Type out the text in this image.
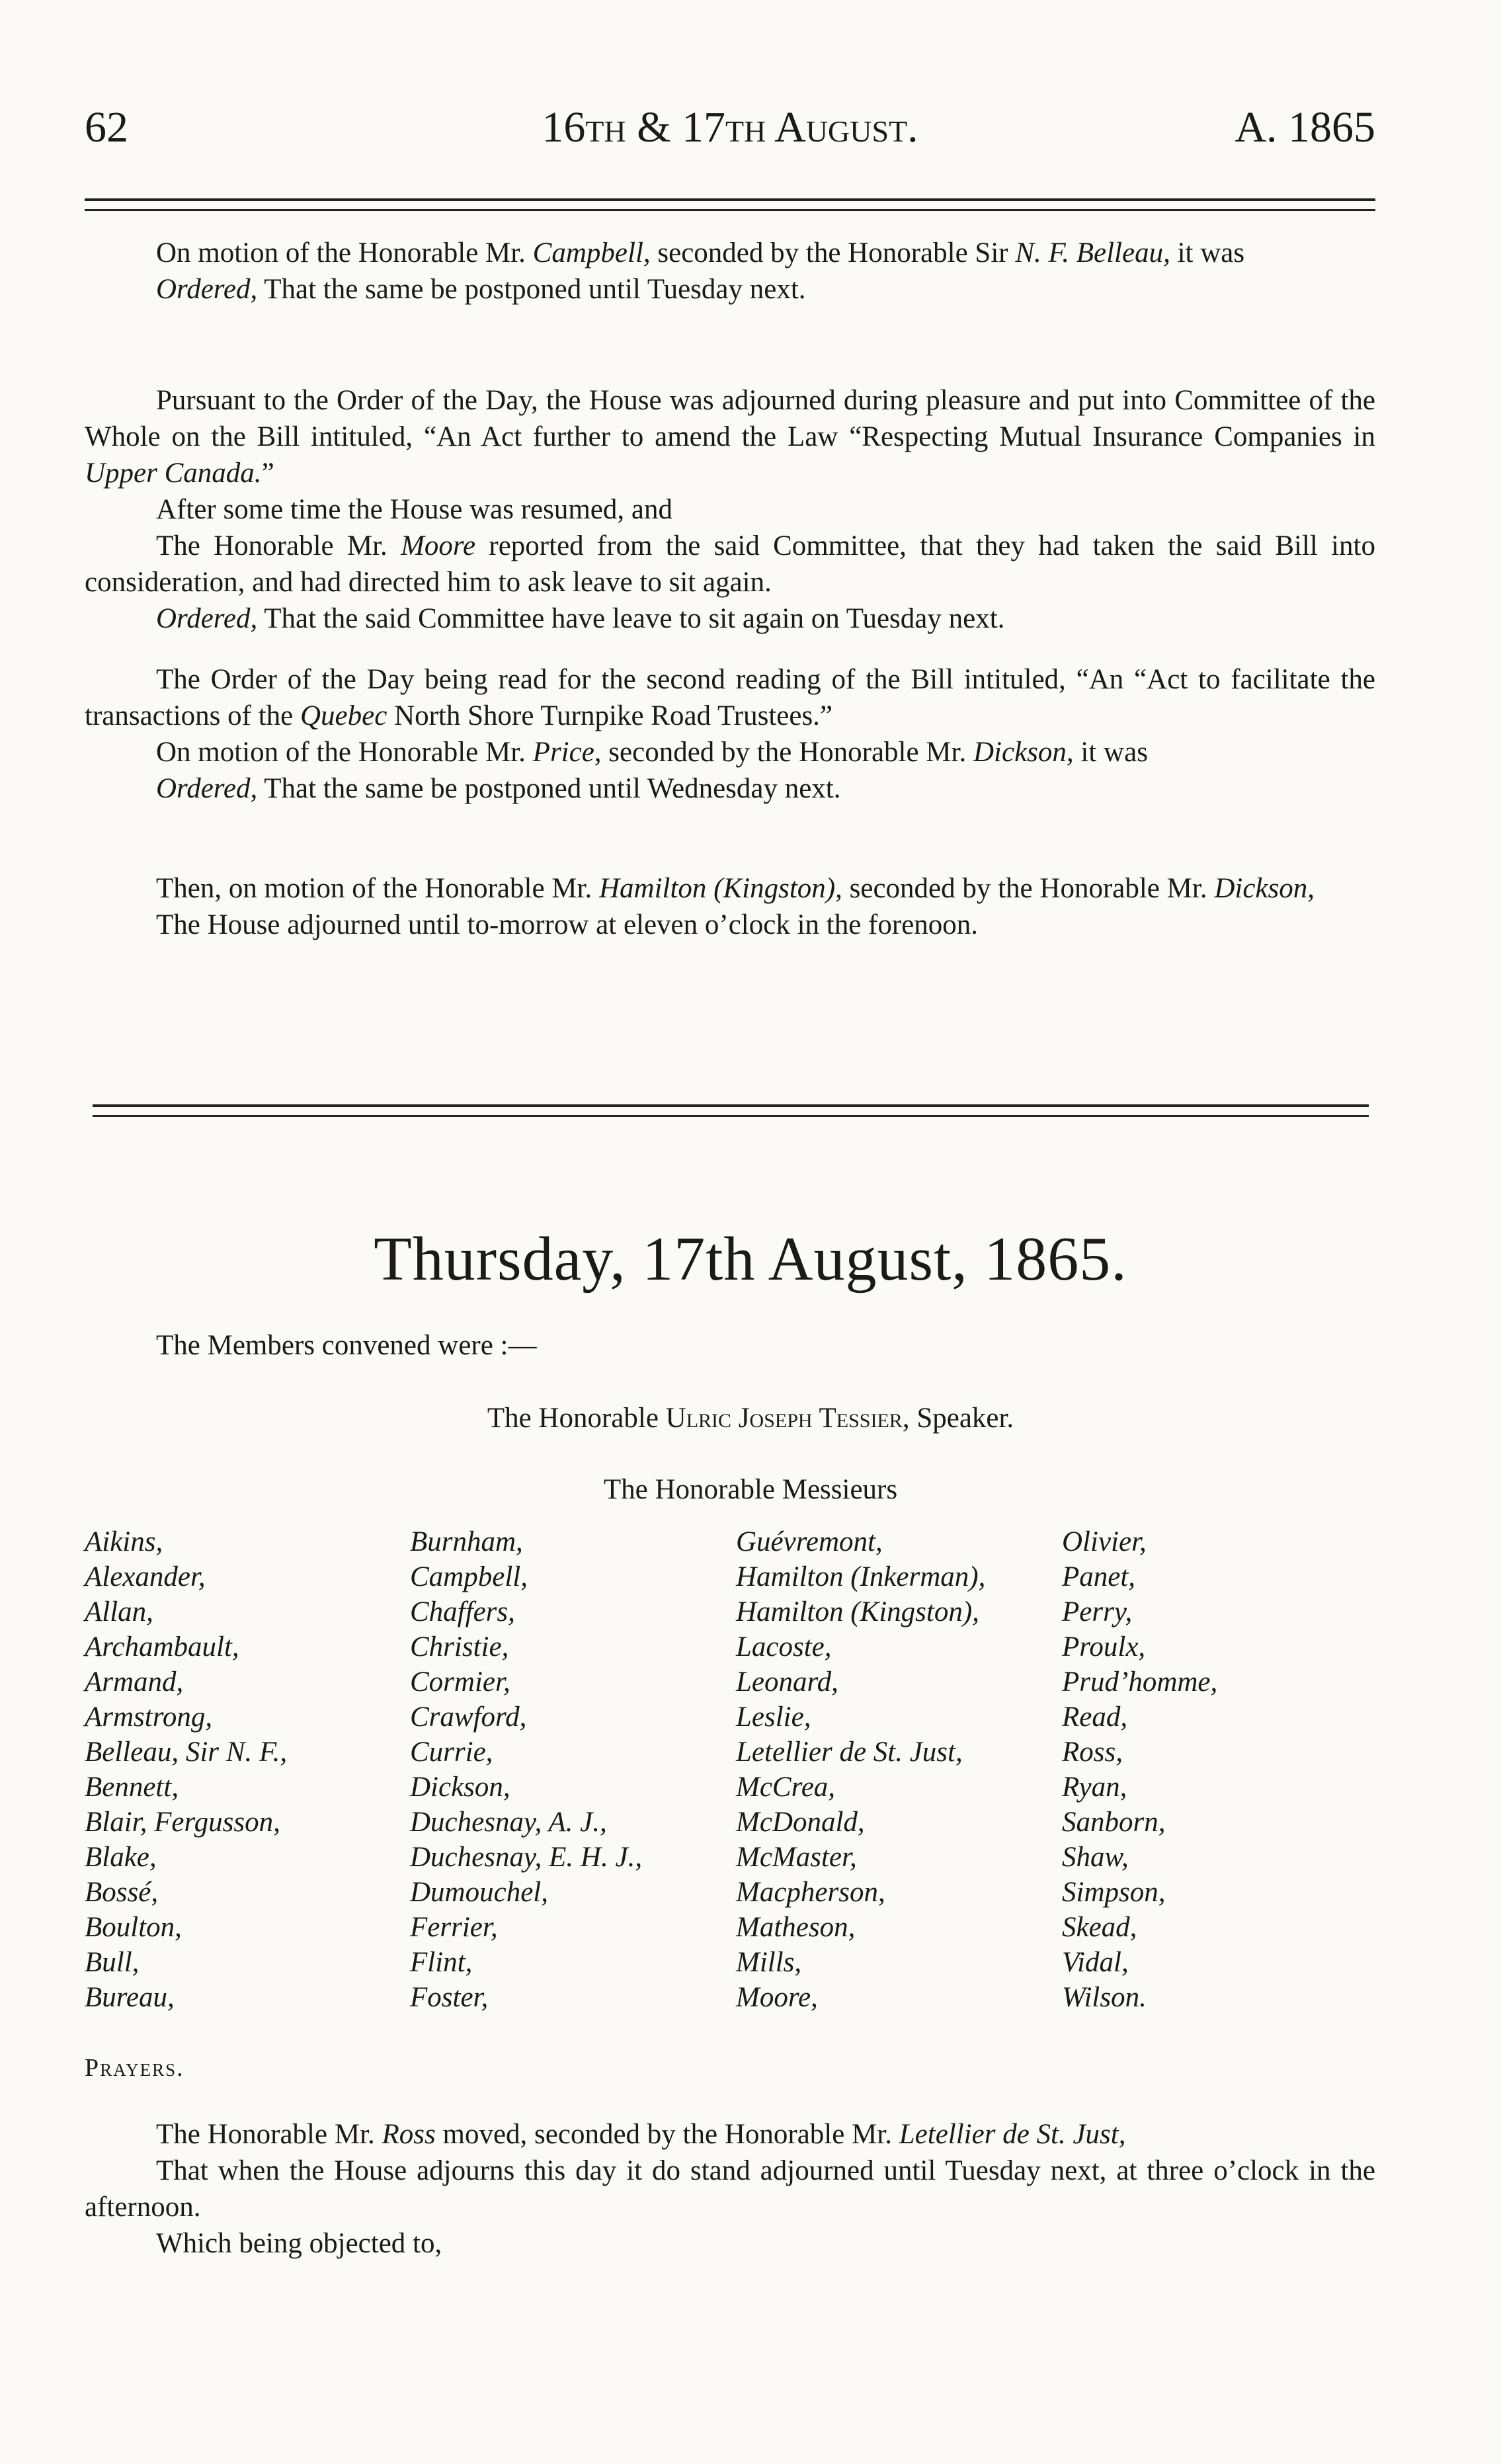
62	16th & 17th August.	A. 1865

On motion of the Honorable Mr. Campbell, seconded by the Honorable Sir N. F. Belleau, it was

Ordered, That the same be postponed until Tuesday next.

Pursuant to the Order of the Day, the House was adjourned during pleasure and put into Committee of the Whole on the Bill intituled, “An Act further to amend the Law “Respecting Mutual Insurance Companies in Upper Canada.”

After some time the House was resumed, and

The Honorable Mr. Moore reported from the said Committee, that they had taken the said Bill into consideration, and had directed him to ask leave to sit again.

Ordered, That the said Committee have leave to sit again on Tuesday next.

The Order of the Day being read for the second reading of the Bill intituled, “An “Act to facilitate the transactions of the Quebec North Shore Turnpike Road Trustees.”

On motion of the Honorable Mr. Price, seconded by the Honorable Mr. Dickson, it was

Ordered, That the same be postponed until Wednesday next.

Then, on motion of the Honorable Mr. Hamilton (Kingston), seconded by the Honorable Mr. Dickson,

The House adjourned until to-morrow at eleven o’clock in the forenoon.

Thursday, 17th August, 1865.
The Members convened were :—
The Honorable Ulric Joseph Tessier, Speaker.
The Honorable Messieurs
Aikins,
Alexander,
Allan,
Archambault,
Armand,
Armstrong,
Belleau, Sir N. F.,
Bennett,
Blair, Fergusson,
Blake,
Bossé,
Boulton,
Bull,
Bureau,
Burnham,
Campbell,
Chaffers,
Christie,
Cormier,
Crawford,
Currie,
Dickson,
Duchesnay, A. J.,
Duchesnay, E. H. J.,
Dumouchel,
Ferrier,
Flint,
Foster,
Guévremont,
Hamilton (Inkerman),
Hamilton (Kingston),
Lacoste,
Leonard,
Leslie,
Letellier de St. Just,
McCrea,
McDonald,
McMaster,
Macpherson,
Matheson,
Mills,
Moore,
Olivier,
Panet,
Perry,
Proulx,
Prud’homme,
Read,
Ross,
Ryan,
Sanborn,
Shaw,
Simpson,
Skead,
Vidal,
Wilson.
Prayers.

The Honorable Mr. Ross moved, seconded by the Honorable Mr. Letellier de St. Just,

That when the House adjourns this day it do stand adjourned until Tuesday next, at three o’clock in the afternoon.

Which being objected to,
